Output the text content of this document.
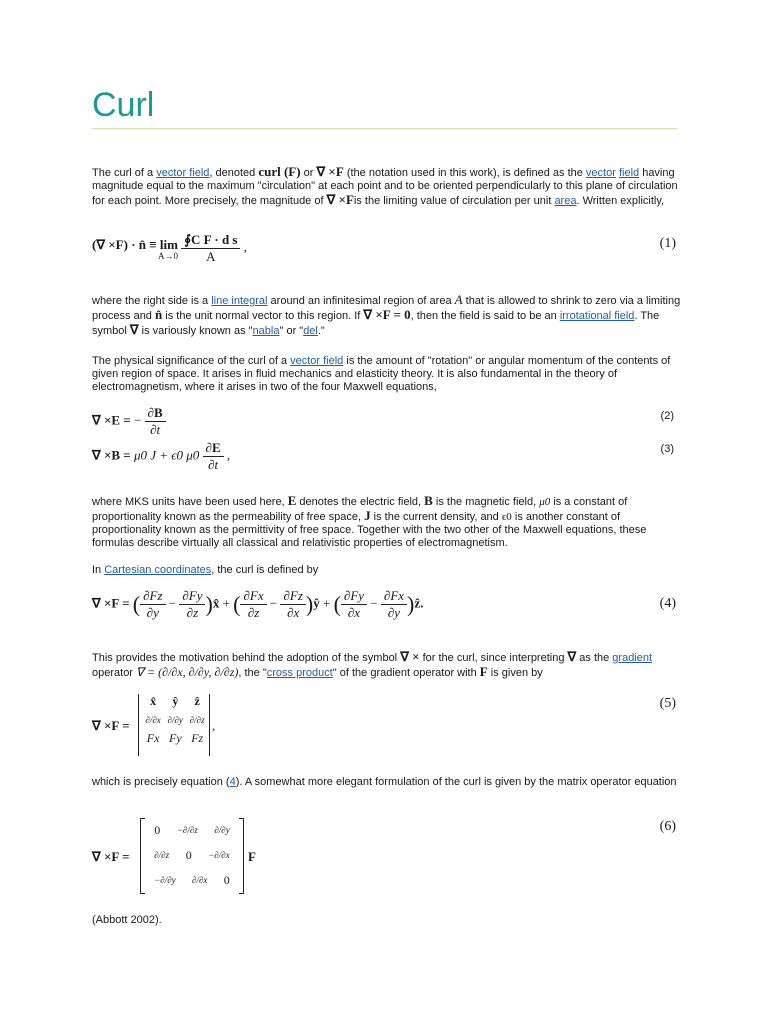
Curl

The curl of a vector field, denoted curl (F) or ∇ ×F (the notation used in this work), is defined as the vector field having magnitude equal to the maximum "circulation" at each point and to be oriented perpendicularly to this plane of circulation for each point. More precisely, the magnitude of ∇ ×Fis the limiting value of circulation per unit area. Written explicitly,

(∇ ×F) · n̂ ≡ lim
A→0
$\frac{\text{∮C F · d s}}{A}$ ,	(1)

where the right side is a line integral around an infinitesimal region of area A that is allowed to shrink to zero via a limiting process and n̂ is the unit normal vector to this region. If ∇ ×F = 0, then the field is said to be an irrotational field. The symbol ∇ is variously known as "nabla" or "del."

The physical significance of the curl of a vector field is the amount of "rotation" or angular momentum of the contents of given region of space. It arises in fluid mechanics and elasticity theory. It is also fundamental in the theory of electromagnetism, where it arises in two of the four Maxwell equations,

∇ ×E = − $\frac{\partial B}{\partial t}$	(2)
∇ ×B = μ0 J + ϵ0 $\mu 0 \frac{\partial E}{\partial t}$ ,	(3)

where MKS units have been used here, E denotes the electric field, B is the magnetic field, μ0 is a constant of proportionality known as the permeability of free space, J is the current density, and ϵ0 is another constant of proportionality known as the permittivity of free space. Together with the two other of the Maxwell equations, these formulas describe virtually all classical and relativistic properties of electromagnetism.

In Cartesian coordinates, the curl is defined by

∇ ×F = ( $\frac{\partial Fz}{\partial y} - \frac{\partial Fy}{\partial z}$ )x̂ + ( $\frac{\partial Fx}{\partial z} - \frac{\partial Fz}{\partial x}$ )ŷ + ( $\frac{\partial Fy}{\partial x} - \frac{\partial Fx}{\partial y}$ )ẑ.	(4)

This provides the motivation behind the adoption of the symbol ∇ × for the curl, since interpreting ∇ as the gradient operator ∇ = (∂/∂x, ∂/∂y, ∂/∂z), the "cross product" of the gradient operator with F is given by

∇ ×F =
x̂ ŷ ẑ
∂/∂x ∂/∂y ∂/∂z
Fx Fy Fz
,
(5)

which is precisely equation (4). A somewhat more elegant formulation of the curl is given by the matrix operator equation

∇ ×F =
0 −∂/∂z ∂/∂y
∂/∂z 0 −∂/∂x
−∂/∂y ∂/∂x 0
F
(6)

(Abbott 2002).
